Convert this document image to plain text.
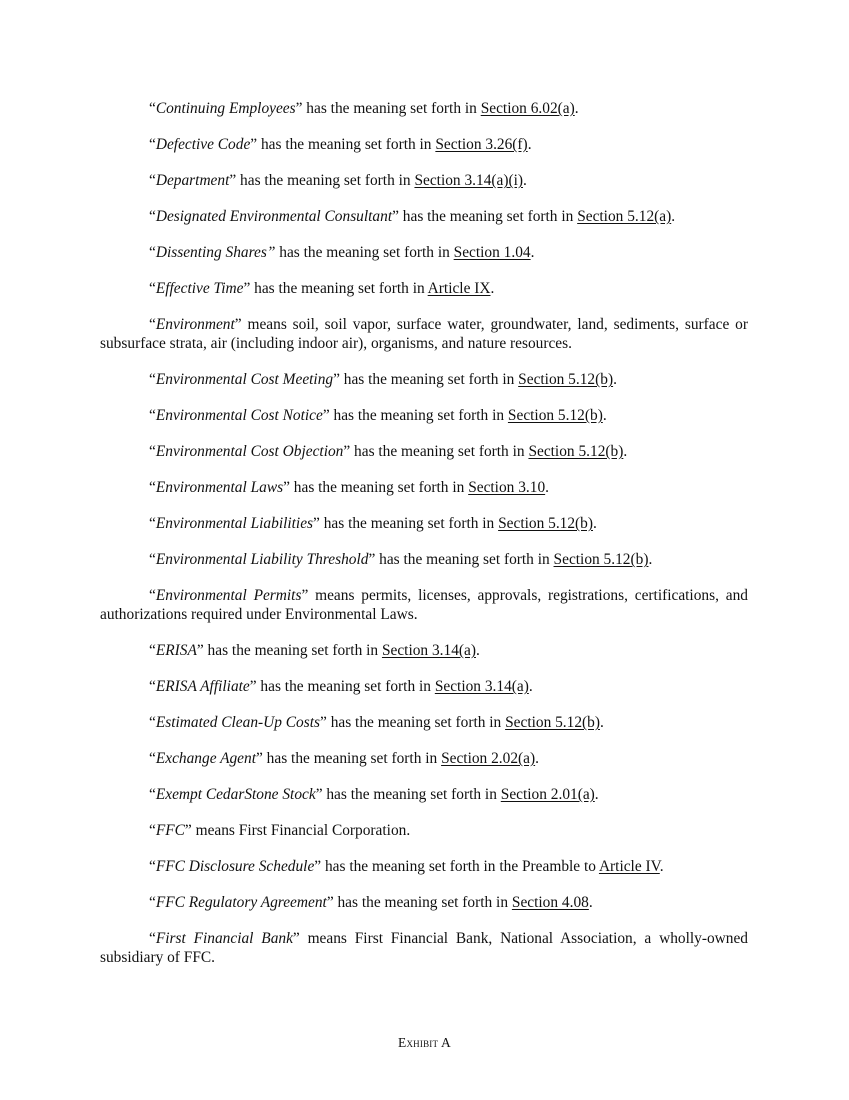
“Continuing Employees” has the meaning set forth in Section 6.02(a).

“Defective Code” has the meaning set forth in Section 3.26(f).

“Department” has the meaning set forth in Section 3.14(a)(i).

“Designated Environmental Consultant” has the meaning set forth in Section 5.12(a).

“Dissenting Shares” has the meaning set forth in Section 1.04.

“Effective Time” has the meaning set forth in Article IX.

“Environment” means soil, soil vapor, surface water, groundwater, land, sediments, surface or subsurface strata, air (including indoor air), organisms, and nature resources.

“Environmental Cost Meeting” has the meaning set forth in Section 5.12(b).

“Environmental Cost Notice” has the meaning set forth in Section 5.12(b).

“Environmental Cost Objection” has the meaning set forth in Section 5.12(b).

“Environmental Laws” has the meaning set forth in Section 3.10.

“Environmental Liabilities” has the meaning set forth in Section 5.12(b).

“Environmental Liability Threshold” has the meaning set forth in Section 5.12(b).

“Environmental Permits” means permits, licenses, approvals, registrations, certifications, and authorizations required under Environmental Laws.

“ERISA” has the meaning set forth in Section 3.14(a).

“ERISA Affiliate” has the meaning set forth in Section 3.14(a).

“Estimated Clean-Up Costs” has the meaning set forth in Section 5.12(b).

“Exchange Agent” has the meaning set forth in Section 2.02(a).

“Exempt CedarStone Stock” has the meaning set forth in Section 2.01(a).

“FFC” means First Financial Corporation.

“FFC Disclosure Schedule” has the meaning set forth in the Preamble to Article IV.

“FFC Regulatory Agreement” has the meaning set forth in Section 4.08.

“First Financial Bank” means First Financial Bank, National Association, a wholly-owned subsidiary of FFC.

Exhibit A
